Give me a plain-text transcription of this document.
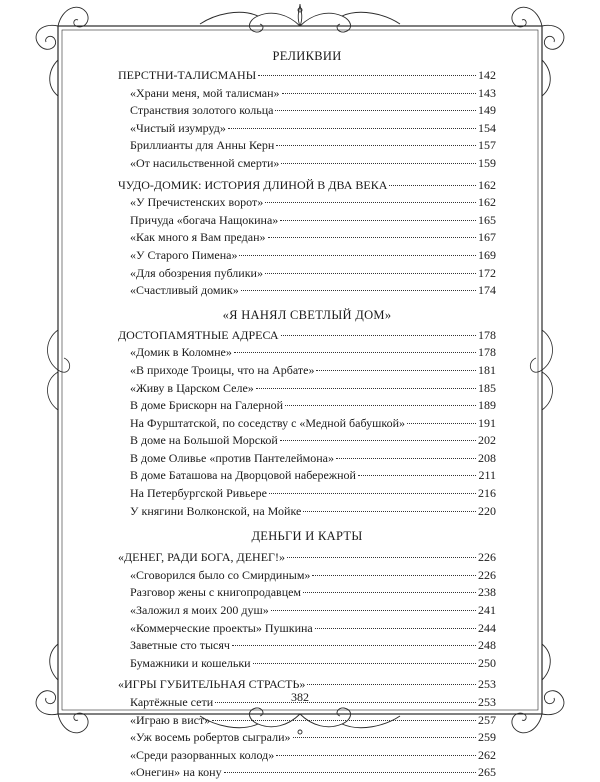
РЕЛИКВИИ
ПЕРСТНИ-ТАЛИСМАНЫ	142
«Храни меня, мой талисман»	143
Странствия золотого кольца	149
«Чистый изумруд»	154
Бриллианты для Анны Керн	157
«От насильственной смерти»	159
ЧУДО-ДОМИК: ИСТОРИЯ ДЛИНОЙ В ДВА ВЕКА	162
«У Пречистенских ворот»	162
Причуда «богача Нащокина»	165
«Как много я Вам предан»	167
«У Старого Пимена»	169
«Для обозрения публики»	172
«Счастливый домик»	174
«Я НАНЯЛ СВЕТЛЫЙ ДОМ»
ДОСТОПАМЯТНЫЕ АДРЕСА	178
«Домик в Коломне»	178
«В приходе Троицы, что на Арбате»	181
«Живу в Царском Селе»	185
В доме Брискорн на Галерной	189
На Фурштатской, по соседству с «Медной бабушкой»	191
В доме на Большой Морской	202
В доме Оливье «против Пантелеймона»	208
В доме Баташова на Дворцовой набережной	211
На Петербургской Ривьере	216
У княгини Волконской, на Мойке	220
ДЕНЬГИ И КАРТЫ
«ДЕНЕГ, РАДИ БОГА, ДЕНЕГ!»	226
«Сговорился было со Смирдиным»	226
Разговор жены с книгопродавцем	238
«Заложил я моих 200 душ»	241
«Коммерческие проекты» Пушкина	244
Заветные сто тысяч	248
Бумажники и кошельки	250
«ИГРЫ ГУБИТЕЛЬНАЯ СТРАСТЬ»	253
Картёжные сети	253
«Играю в вист»	257
«Уж восемь робертов сыграли»	259
«Среди разорванных колод»	262
«Онегин» на кону	265
382
